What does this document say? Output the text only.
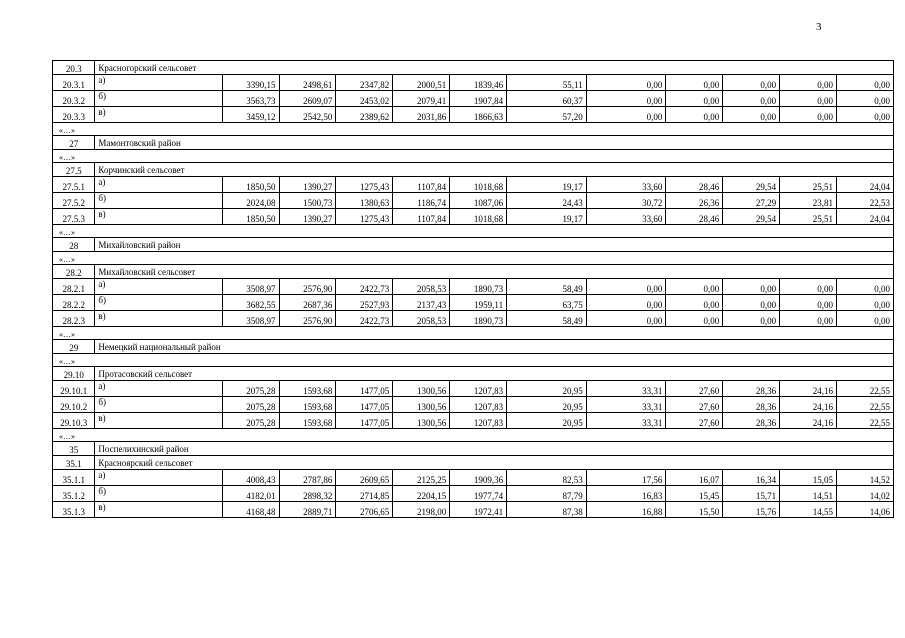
3
20.3	Красногорский сельсовет											
20.3.1	а)	3390,15	2498,61	2347,82	2000,51	1839,46	55,11	0,00	0,00	0,00	0,00	0,00
20.3.2	б)	3563,73	2609,07	2453,02	2079,41	1907,84	60,37	0,00	0,00	0,00	0,00	0,00
20.3.3	в)	3459,12	2542,50	2389,62	2031,86	1866,63	57,20	0,00	0,00	0,00	0,00	0,00
«…»												
27	Мамонтовский район											
«…»												
27.5	Корчинский сельсовет											
27.5.1	а)	1850,50	1390,27	1275,43	1107,84	1018,68	19,17	33,60	28,46	29,54	25,51	24,04
27.5.2	б)	2024,08	1500,73	1380,63	1186,74	1087,06	24,43	30,72	26,36	27,29	23,81	22,53
27.5.3	в)	1850,50	1390,27	1275,43	1107,84	1018,68	19,17	33,60	28,46	29,54	25,51	24,04
«…»												
28	Михайловский район											
«…»												
28.2	Михайловский сельсовет											
28.2.1	а)	3508,97	2576,90	2422,73	2058,53	1890,73	58,49	0,00	0,00	0,00	0,00	0,00
28.2.2	б)	3682,55	2687,36	2527,93	2137,43	1959,11	63,75	0,00	0,00	0,00	0,00	0,00
28.2.3	в)	3508,97	2576,90	2422,73	2058,53	1890,73	58,49	0,00	0,00	0,00	0,00	0,00
«…»												
29	Немецкий национальный район											
«…»												
29.10	Протасовский сельсовет											
29.10.1	а)	2075,28	1593,68	1477,05	1300,56	1207,83	20,95	33,31	27,60	28,36	24,16	22,55
29.10.2	б)	2075,28	1593,68	1477,05	1300,56	1207,83	20,95	33,31	27,60	28,36	24,16	22,55
29.10.3	в)	2075,28	1593,68	1477,05	1300,56	1207,83	20,95	33,31	27,60	28,36	24,16	22,55
«…»												
35	Поспелихинский район											
35.1	Краснoярский сельсовет											
35.1.1	а)	4008,43	2787,86	2609,65	2125,25	1909,36	82,53	17,56	16,07	16,34	15,05	14,52
35.1.2	б)	4182,01	2898,32	2714,85	2204,15	1977,74	87,79	16,83	15,45	15,71	14,51	14,02
35.1.3	в)	4168,48	2889,71	2706,65	2198,00	1972,41	87,38	16,88	15,50	15,76	14,55	14,06
